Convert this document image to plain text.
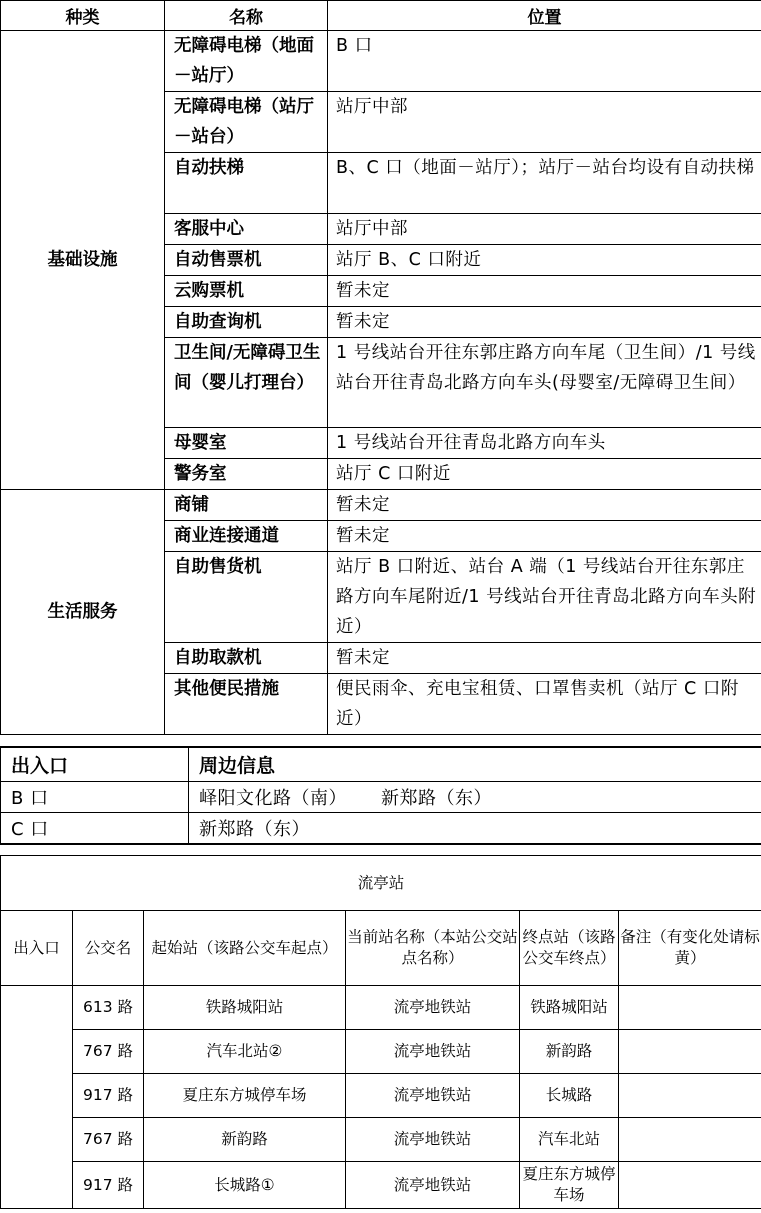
种类	名称	位置
基础设施	无障碍电梯（地面－站厅）	B 口
	无障碍电梯（站厅－站台）	站厅中部
	自动扶梯	B、C 口（地面－站厅）；站厅－站台均设有自动扶梯
	客服中心	站厅中部
	自动售票机	站厅 B、C 口附近
	云购票机	暂未定
	自助查询机	暂未定
	卫生间/无障碍卫生间（婴儿打理台）	1 号线站台开往东郭庄路方向车尾（卫生间）/1 号线站台开往青岛北路方向车头(母婴室/无障碍卫生间）
	母婴室	1 号线站台开往青岛北路方向车头
	警务室	站厅 C 口附近
生活服务	商铺	暂未定
	商业连接通道	暂未定
	自助售货机	站厅 B 口附近、站台 A 端（1 号线站台开往东郭庄路方向车尾附近/1 号线站台开往青岛北路方向车头附近）
	自助取款机	暂未定
	其他便民措施	便民雨伞、充电宝租赁、口罩售卖机（站厅 C 口附近）
出入口	周边信息
B 口	峄阳文化路（南） 新郑路（东）
C 口	新郑路（东）
流亭站					
出入口	公交名	起始站（该路公交车起点）	当前站名称（本站公交站点名称）	终点站（该路公交车终点）	备注（有变化处请标黄）
	613 路	铁路城阳站	流亭地铁站	铁路城阳站	
	767 路	汽车北站②	流亭地铁站	新韵路	
	917 路	夏庄东方城停车场	流亭地铁站	长城路	
	767 路	新韵路	流亭地铁站	汽车北站	
	917 路	长城路①	流亭地铁站	夏庄东方城停车场	
